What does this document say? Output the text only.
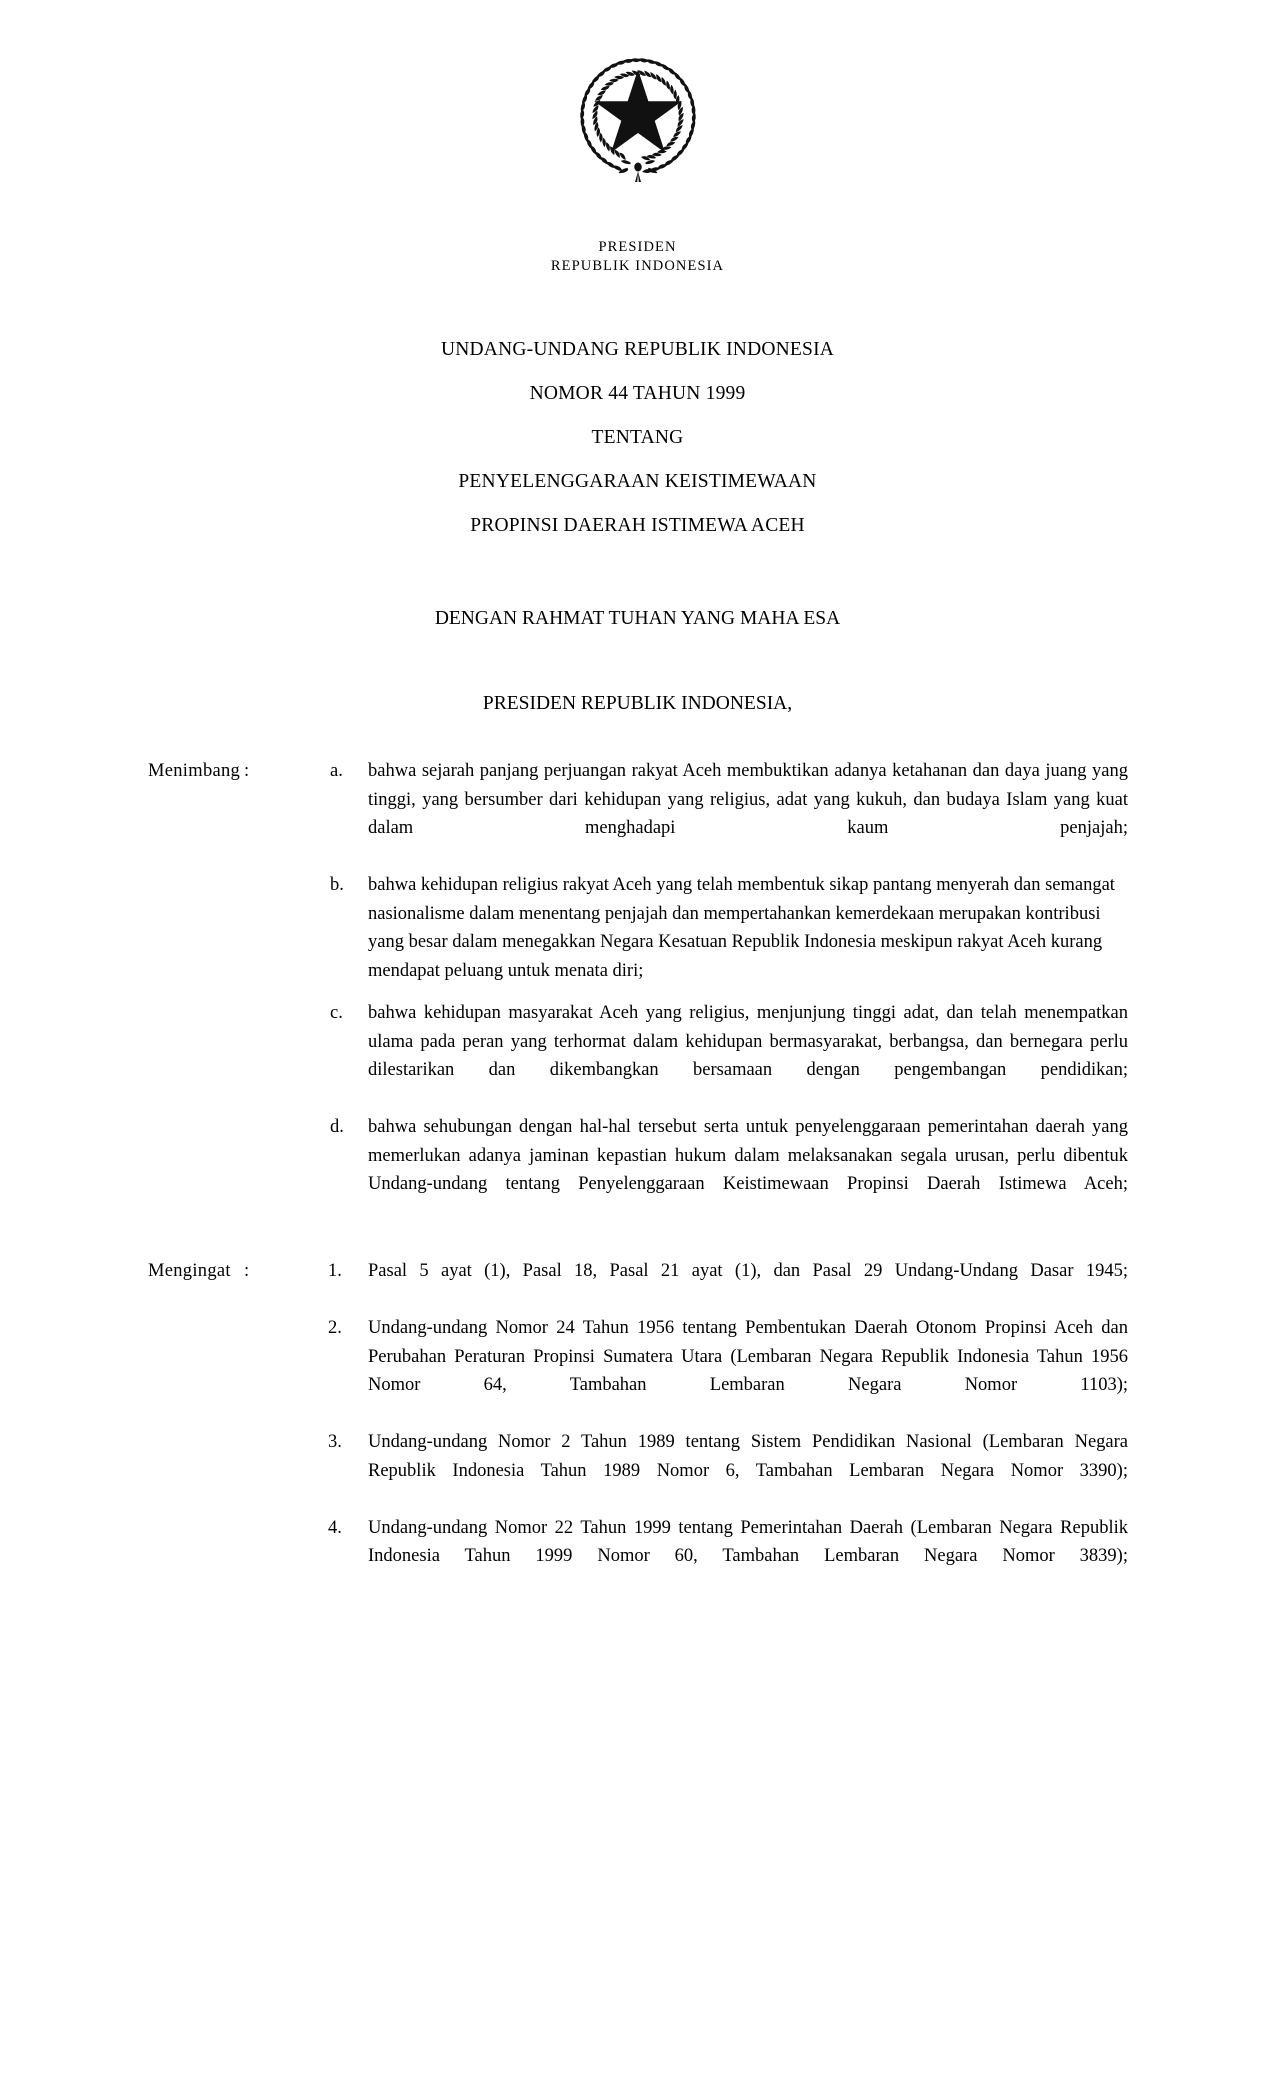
PRESIDEN
REPUBLIK INDONESIA
UNDANG-UNDANG REPUBLIK INDONESIA
NOMOR 44 TAHUN 1999
TENTANG
PENYELENGGARAAN KEISTIMEWAAN
PROPINSI DAERAH ISTIMEWA ACEH
DENGAN RAHMAT TUHAN YANG MAHA ESA
PRESIDEN REPUBLIK INDONESIA,
Menimbang :	a.	bahwa sejarah panjang perjuangan rakyat Aceh membuktikan adanya ketahanan dan daya juang yang tinggi, yang bersumber dari kehidupan yang religius, adat yang kukuh, dan budaya Islam yang kuat dalam menghadapi kaum penjajah;
b.	bahwa kehidupan religius rakyat Aceh yang telah membentuk sikap pantang menyerah dan semangat nasionalisme dalam menentang penjajah dan mempertahankan kemerdekaan merupakan kontribusi yang besar dalam menegakkan Negara Kesatuan Republik Indonesia meskipun rakyat Aceh kurang mendapat peluang untuk menata diri;
c.	bahwa kehidupan masyarakat Aceh yang religius, menjunjung tinggi adat, dan telah menempatkan ulama pada peran yang terhormat dalam kehidupan bermasyarakat, berbangsa, dan bernegara perlu dilestarikan dan dikembangkan bersamaan dengan pengembangan pendidikan;
d.	bahwa sehubungan dengan hal-hal tersebut serta untuk penyelenggaraan pemerintahan daerah yang memerlukan adanya jaminan kepastian hukum dalam melaksanakan segala urusan, perlu dibentuk Undang-undang tentang Penyelenggaraan Keistimewaan Propinsi Daerah Istimewa Aceh;
Mengingat :	1.	Pasal 5 ayat (1), Pasal 18, Pasal 21 ayat (1), dan Pasal 29 Undang-Undang Dasar 1945;
2.	Undang-undang Nomor 24 Tahun 1956 tentang Pembentukan Daerah Otonom Propinsi Aceh dan Perubahan Peraturan Propinsi Sumatera Utara (Lembaran Negara Republik Indonesia Tahun 1956 Nomor 64, Tambahan Lembaran Negara Nomor 1103);
3.	Undang-undang Nomor 2 Tahun 1989 tentang Sistem Pendidikan Nasional (Lembaran Negara Republik Indonesia Tahun 1989 Nomor 6, Tambahan Lembaran Negara Nomor 3390);
4.	Undang-undang Nomor 22 Tahun 1999 tentang Pemerintahan Daerah (Lembaran Negara Republik Indonesia Tahun 1999 Nomor 60, Tambahan Lembaran Negara Nomor 3839);
